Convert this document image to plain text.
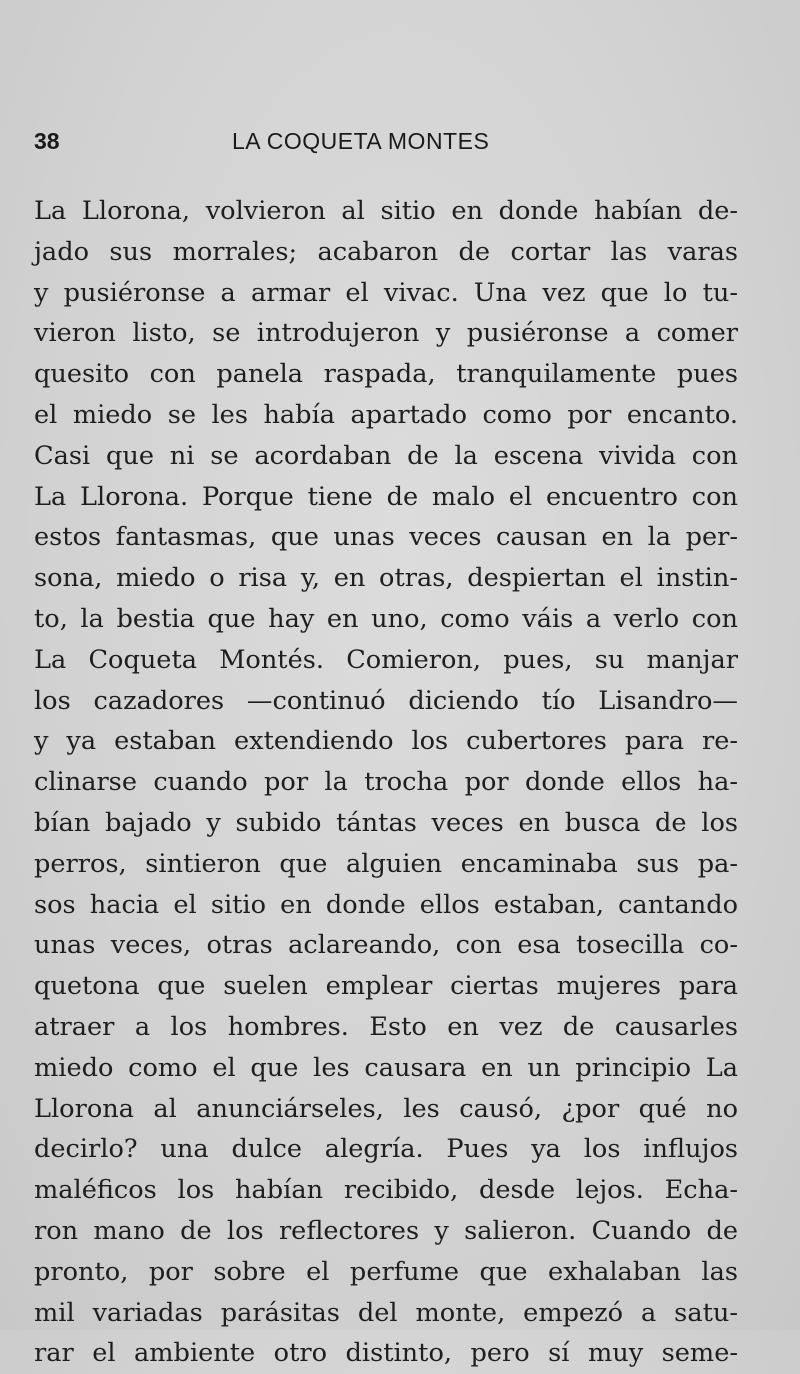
38	LA COQUETA MONTES
La Llorona, volvieron al sitio en donde habían de-
jado sus morrales; acabaron de cortar las varas
y pusiéronse a armar el vivac. Una vez que lo tu-
vieron listo, se introdujeron y pusiéronse a comer
quesito con panela raspada, tranquilamente pues
el miedo se les había apartado como por encanto.
Casi que ni se acordaban de la escena vivida con
La Llorona. Porque tiene de malo el encuentro con
estos fantasmas, que unas veces causan en la per-
sona, miedo o risa y, en otras, despiertan el instin-
to, la bestia que hay en uno, como váis a verlo con
La Coqueta Montés. Comieron, pues, su manjar
los cazadores —continuó diciendo tío Lisandro—
y ya estaban extendiendo los cubertores para re-
clinarse cuando por la trocha por donde ellos ha-
bían bajado y subido tántas veces en busca de los
perros, sintieron que alguien encaminaba sus pa-
sos hacia el sitio en donde ellos estaban, cantando
unas veces, otras aclareando, con esa tosecilla co-
quetona que suelen emplear ciertas mujeres para
atraer a los hombres. Esto en vez de causarles
miedo como el que les causara en un principio La
Llorona al anunciárseles, les causó, ¿por qué no
decirlo? una dulce alegría. Pues ya los influjos
maléficos los habían recibido, desde lejos. Echa-
ron mano de los reflectores y salieron. Cuando de
pronto, por sobre el perfume que exhalaban las
mil variadas parásitas del monte, empezó a satu-
rar el ambiente otro distinto, pero sí muy seme-
